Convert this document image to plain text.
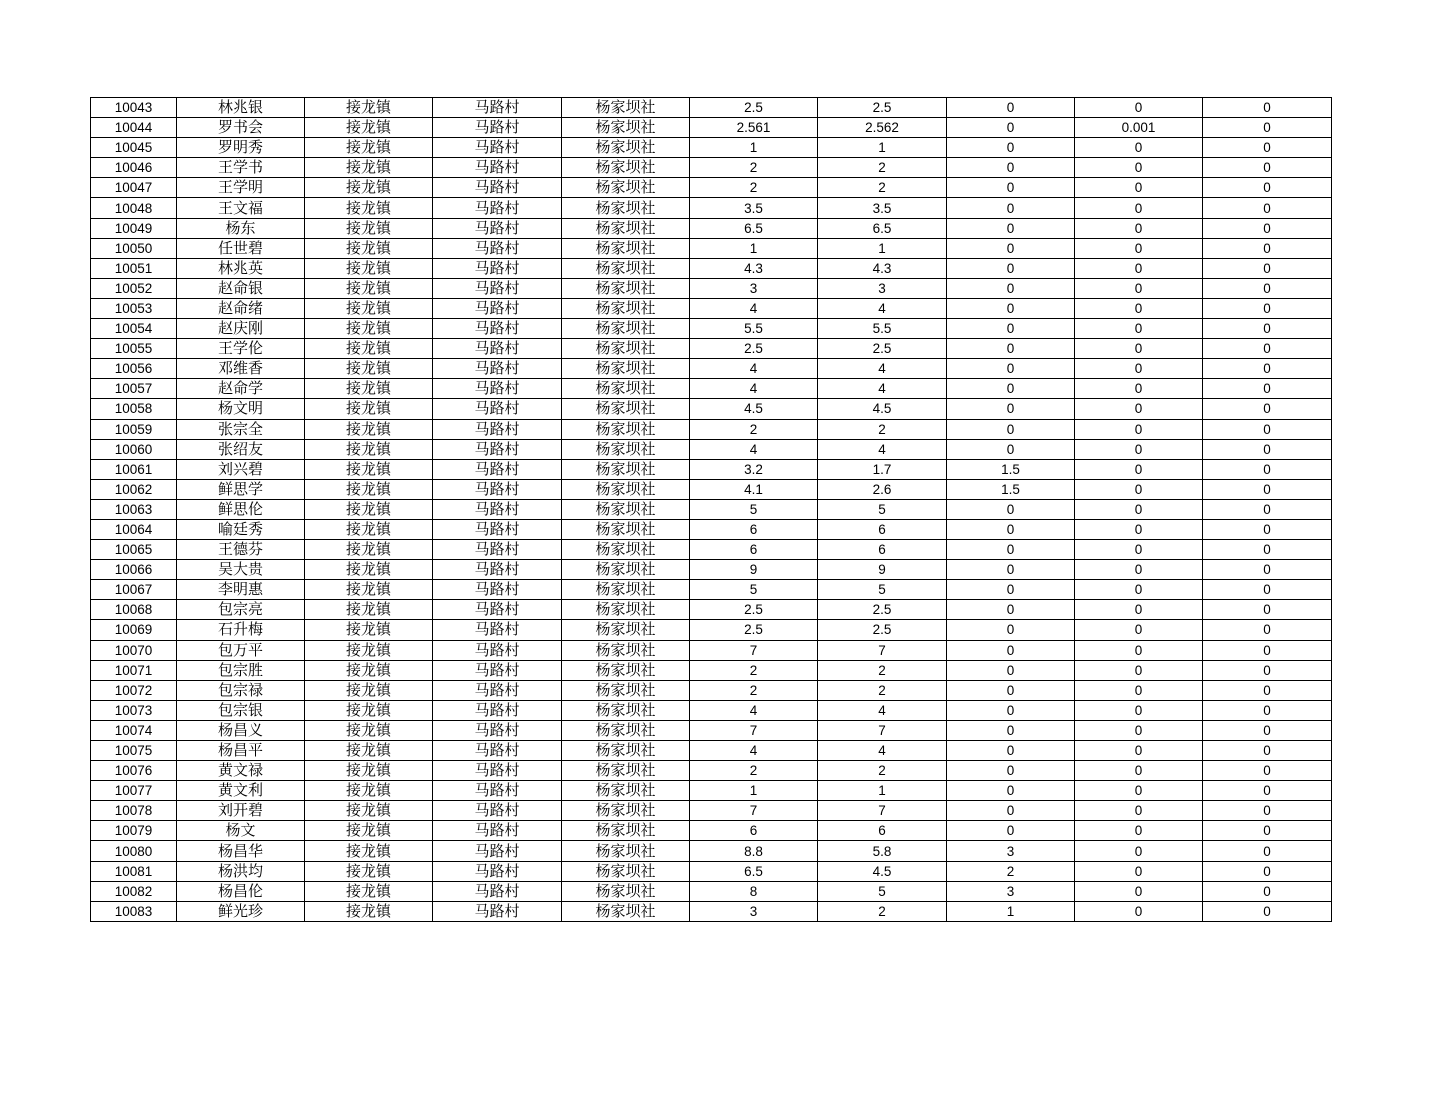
10043	林兆银	接龙镇	马路村	杨家坝社	2.5	2.5	0	0	0
10044	罗书会	接龙镇	马路村	杨家坝社	2.561	2.562	0	0.001	0
10045	罗明秀	接龙镇	马路村	杨家坝社	1	1	0	0	0
10046	王学书	接龙镇	马路村	杨家坝社	2	2	0	0	0
10047	王学明	接龙镇	马路村	杨家坝社	2	2	0	0	0
10048	王文福	接龙镇	马路村	杨家坝社	3.5	3.5	0	0	0
10049	杨东	接龙镇	马路村	杨家坝社	6.5	6.5	0	0	0
10050	任世碧	接龙镇	马路村	杨家坝社	1	1	0	0	0
10051	林兆英	接龙镇	马路村	杨家坝社	4.3	4.3	0	0	0
10052	赵命银	接龙镇	马路村	杨家坝社	3	3	0	0	0
10053	赵命绪	接龙镇	马路村	杨家坝社	4	4	0	0	0
10054	赵庆刚	接龙镇	马路村	杨家坝社	5.5	5.5	0	0	0
10055	王学伦	接龙镇	马路村	杨家坝社	2.5	2.5	0	0	0
10056	邓维香	接龙镇	马路村	杨家坝社	4	4	0	0	0
10057	赵命学	接龙镇	马路村	杨家坝社	4	4	0	0	0
10058	杨文明	接龙镇	马路村	杨家坝社	4.5	4.5	0	0	0
10059	张宗全	接龙镇	马路村	杨家坝社	2	2	0	0	0
10060	张绍友	接龙镇	马路村	杨家坝社	4	4	0	0	0
10061	刘兴碧	接龙镇	马路村	杨家坝社	3.2	1.7	1.5	0	0
10062	鲜思学	接龙镇	马路村	杨家坝社	4.1	2.6	1.5	0	0
10063	鲜思伦	接龙镇	马路村	杨家坝社	5	5	0	0	0
10064	喻廷秀	接龙镇	马路村	杨家坝社	6	6	0	0	0
10065	王德芬	接龙镇	马路村	杨家坝社	6	6	0	0	0
10066	吴大贵	接龙镇	马路村	杨家坝社	9	9	0	0	0
10067	李明惠	接龙镇	马路村	杨家坝社	5	5	0	0	0
10068	包宗亮	接龙镇	马路村	杨家坝社	2.5	2.5	0	0	0
10069	石升梅	接龙镇	马路村	杨家坝社	2.5	2.5	0	0	0
10070	包万平	接龙镇	马路村	杨家坝社	7	7	0	0	0
10071	包宗胜	接龙镇	马路村	杨家坝社	2	2	0	0	0
10072	包宗禄	接龙镇	马路村	杨家坝社	2	2	0	0	0
10073	包宗银	接龙镇	马路村	杨家坝社	4	4	0	0	0
10074	杨昌义	接龙镇	马路村	杨家坝社	7	7	0	0	0
10075	杨昌平	接龙镇	马路村	杨家坝社	4	4	0	0	0
10076	黄文禄	接龙镇	马路村	杨家坝社	2	2	0	0	0
10077	黄文利	接龙镇	马路村	杨家坝社	1	1	0	0	0
10078	刘开碧	接龙镇	马路村	杨家坝社	7	7	0	0	0
10079	杨文	接龙镇	马路村	杨家坝社	6	6	0	0	0
10080	杨昌华	接龙镇	马路村	杨家坝社	8.8	5.8	3	0	0
10081	杨洪均	接龙镇	马路村	杨家坝社	6.5	4.5	2	0	0
10082	杨昌伦	接龙镇	马路村	杨家坝社	8	5	3	0	0
10083	鲜光珍	接龙镇	马路村	杨家坝社	3	2	1	0	0
